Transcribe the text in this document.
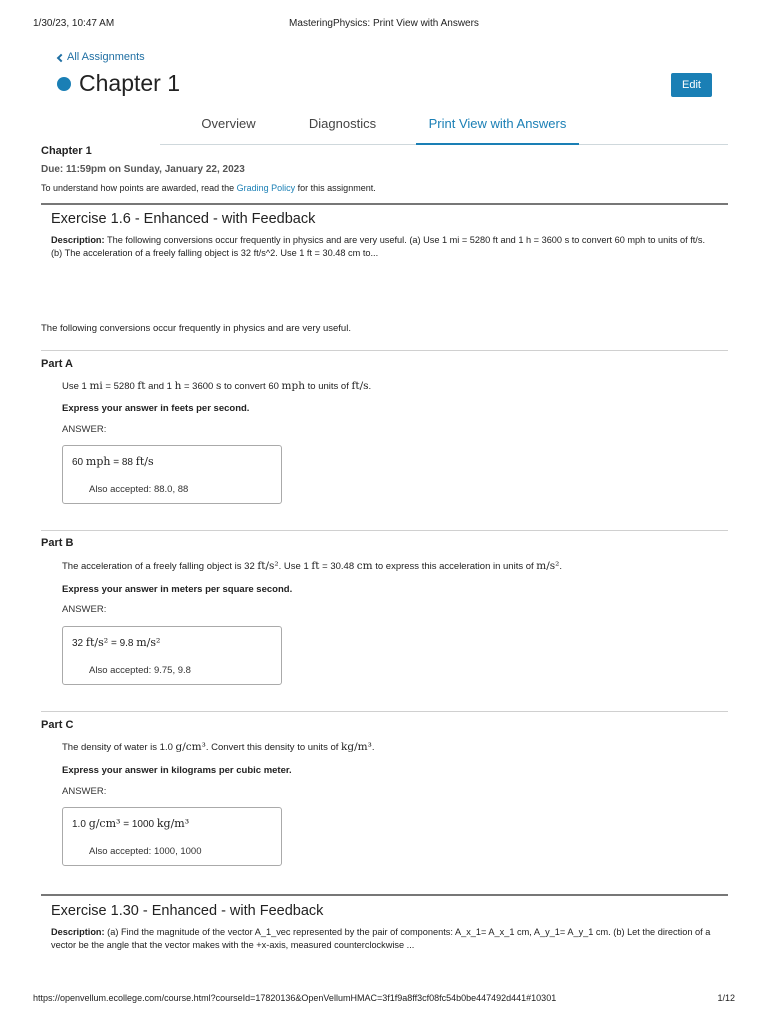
1/30/23, 10:47 AM	MasteringPhysics: Print View with Answers
All Assignments
Chapter 1	Edit
Overview	Diagnostics	Print View with Answers
Chapter 1
Due: 11:59pm on Sunday, January 22, 2023
To understand how points are awarded, read the Grading Policy for this assignment.
Exercise 1.6 - Enhanced - with Feedback
Description: The following conversions occur frequently in physics and are very useful. (a) Use 1 mi = 5280 ft and 1 h = 3600 s to convert 60 mph to units of ft/s. (b) The acceleration of a freely falling object is 32 ft/s^2. Use 1 ft = 30.48 cm to...
The following conversions occur frequently in physics and are very useful.
Part A
Use 1 mi = 5280 ft and 1 h = 3600 s to convert 60 mph to units of ft/s.
Express your answer in feets per second.
ANSWER:
60 mph = 88 ft/s
Also accepted: 88.0, 88
Part B
The acceleration of a freely falling object is 32 ft/s². Use 1 ft = 30.48 cm to express this acceleration in units of m/s².
Express your answer in meters per square second.
ANSWER:
32 ft/s² = 9.8 m/s²
Also accepted: 9.75, 9.8
Part C
The density of water is 1.0 g/cm³. Convert this density to units of kg/m³.
Express your answer in kilograms per cubic meter.
ANSWER:
1.0 g/cm³ = 1000 kg/m³
Also accepted: 1000, 1000
Exercise 1.30 - Enhanced - with Feedback
Description: (a) Find the magnitude of the vector A_1_vec represented by the pair of components: A_x_1= A_x_1 cm, A_y_1= A_y_1 cm. (b) Let the direction of a vector be the angle that the vector makes with the +x-axis, measured counterclockwise ...
https://openvellum.ecollege.com/course.html?courseId=17820136&OpenVellumHMAC=3f1f9a8ff3cf08fc54b0be447492d441#10301	1/12
